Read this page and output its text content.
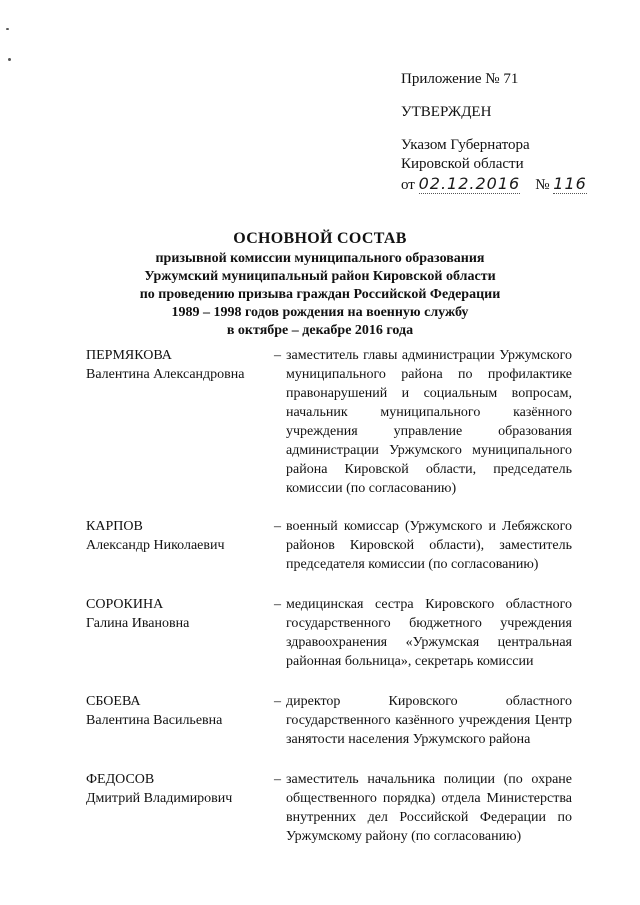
Приложение № 71
УТВЕРЖДЕН
Указом Губернатора
Кировской области
от 02.12.2016 № 116
ОСНОВНОЙ СОСТАВ
призывной комиссии муниципального образования
Уржумский муниципальный район Кировской области
по проведению призыва граждан Российской Федерации
1989 – 1998 годов рождения на военную службу
в октябре – декабре 2016 года
ПЕРМЯКОВА
Валентина Александровна
– заместитель главы администрации Уржумского муниципального района по профилактике правонарушений и социальным вопросам, начальник муниципального казённого учреждения управление образования администрации Уржумского муниципального района Кировской области, председатель комиссии (по согласованию)
КАРПОВ
Александр Николаевич
– военный комиссар (Уржумского и Лебяжского районов Кировской области), заместитель председателя комиссии (по согласованию)
СОРОКИНА
Галина Ивановна
– медицинская сестра Кировского областного государственного бюджетного учреждения здравоохранения «Уржумская центральная районная больница», секретарь комиссии
СБОЕВА
Валентина Васильевна
– директор Кировского областного государственного казённого учреждения Центр занятости населения Уржумского района
ФЕДОСОВ
Дмитрий Владимирович
– заместитель начальника полиции (по охране общественного порядка) отдела Министерства внутренних дел Российской Федерации по Уржумскому району (по согласованию)
